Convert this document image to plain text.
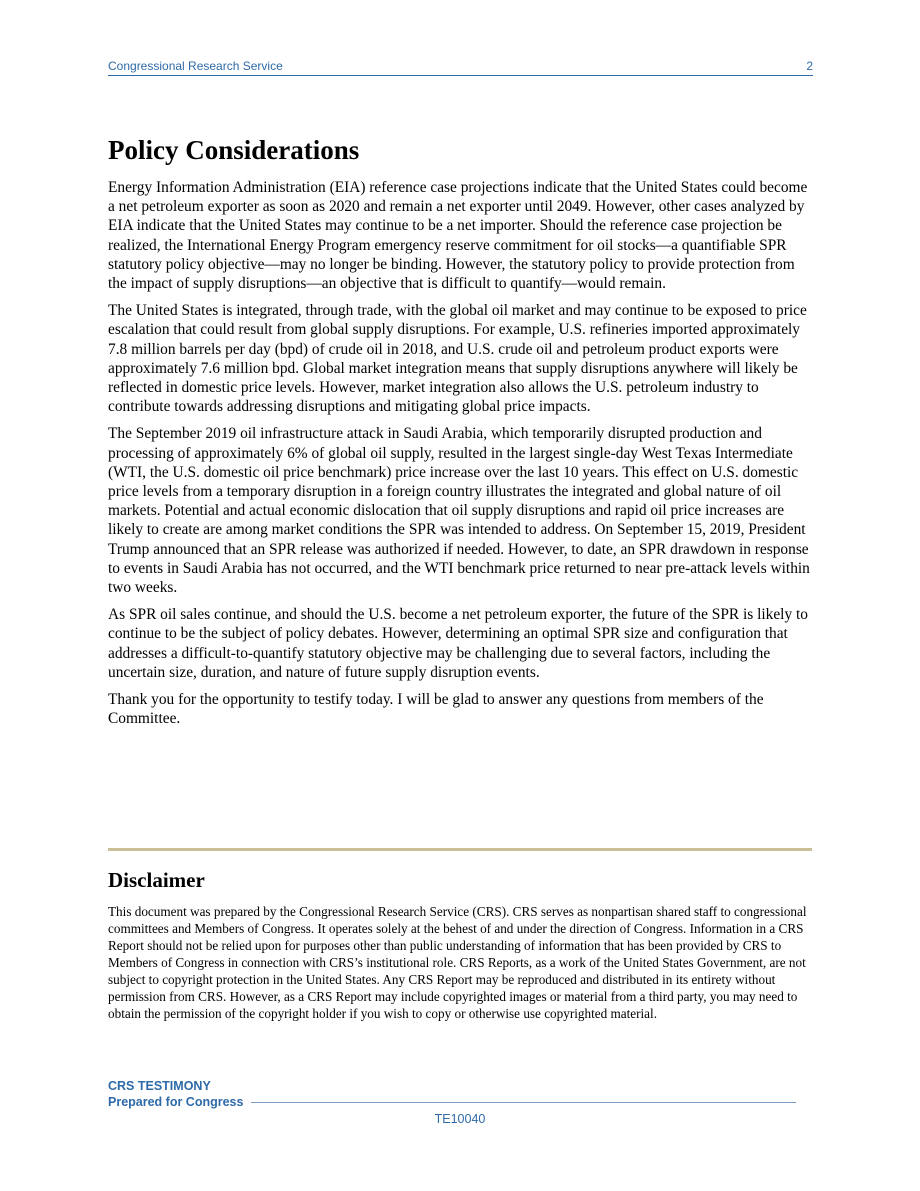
Congressional Research Service	2
Policy Considerations

Energy Information Administration (EIA) reference case projections indicate that the United States could become a net petroleum exporter as soon as 2020 and remain a net exporter until 2049. However, other cases analyzed by EIA indicate that the United States may continue to be a net importer. Should the reference case projection be realized, the International Energy Program emergency reserve commitment for oil stocks—a quantifiable SPR statutory policy objective—may no longer be binding. However, the statutory policy to provide protection from the impact of supply disruptions—an objective that is difficult to quantify—would remain.

The United States is integrated, through trade, with the global oil market and may continue to be exposed to price escalation that could result from global supply disruptions. For example, U.S. refineries imported approximately 7.8 million barrels per day (bpd) of crude oil in 2018, and U.S. crude oil and petroleum product exports were approximately 7.6 million bpd. Global market integration means that supply disruptions anywhere will likely be reflected in domestic price levels. However, market integration also allows the U.S. petroleum industry to contribute towards addressing disruptions and mitigating global price impacts.

The September 2019 oil infrastructure attack in Saudi Arabia, which temporarily disrupted production and processing of approximately 6% of global oil supply, resulted in the largest single-day West Texas Intermediate (WTI, the U.S. domestic oil price benchmark) price increase over the last 10 years. This effect on U.S. domestic price levels from a temporary disruption in a foreign country illustrates the integrated and global nature of oil markets. Potential and actual economic dislocation that oil supply disruptions and rapid oil price increases are likely to create are among market conditions the SPR was intended to address. On September 15, 2019, President Trump announced that an SPR release was authorized if needed. However, to date, an SPR drawdown in response to events in Saudi Arabia has not occurred, and the WTI benchmark price returned to near pre-attack levels within two weeks.

As SPR oil sales continue, and should the U.S. become a net petroleum exporter, the future of the SPR is likely to continue to be the subject of policy debates. However, determining an optimal SPR size and configuration that addresses a difficult-to-quantify statutory objective may be challenging due to several factors, including the uncertain size, duration, and nature of future supply disruption events.

Thank you for the opportunity to testify today. I will be glad to answer any questions from members of the Committee.

Disclaimer

This document was prepared by the Congressional Research Service (CRS). CRS serves as nonpartisan shared staff to congressional committees and Members of Congress. It operates solely at the behest of and under the direction of Congress. Information in a CRS Report should not be relied upon for purposes other than public understanding of information that has been provided by CRS to Members of Congress in connection with CRS’s institutional role. CRS Reports, as a work of the United States Government, are not subject to copyright protection in the United States. Any CRS Report may be reproduced and distributed in its entirety without permission from CRS. However, as a CRS Report may include copyrighted images or material from a third party, you may need to obtain the permission of the copyright holder if you wish to copy or otherwise use copyrighted material.

CRS TESTIMONY
Prepared for Congress
TE10040
